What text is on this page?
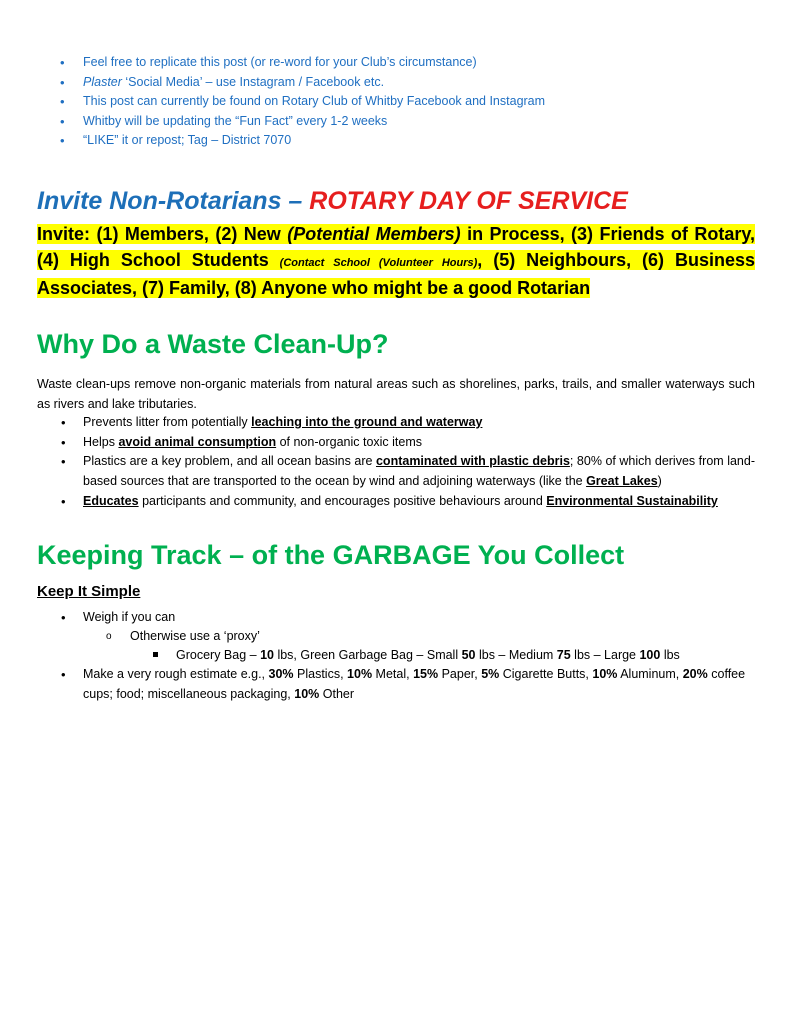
• Feel free to replicate this post (or re-word for your Club’s circumstance)
• Plaster ‘Social Media’ – use Instagram / Facebook etc.
• This post can currently be found on Rotary Club of Whitby Facebook and Instagram
• Whitby will be updating the “Fun Fact” every 1-2 weeks
• “LIKE” it or repost; Tag – District 7070
Invite Non-Rotarians – ROTARY DAY OF SERVICE

Invite: (1) Members, (2) New (Potential Members) in Process, (3) Friends of Rotary, (4) High School Students (Contact School (Volunteer Hours), (5) Neighbours, (6) Business Associates, (7) Family, (8) Anyone who might be a good Rotarian

Why Do a Waste Clean-Up?

Waste clean-ups remove non-organic materials from natural areas such as shorelines, parks, trails, and smaller waterways such as rivers and lake tributaries.

• Prevents litter from potentially leaching into the ground and waterway
• Helps avoid animal consumption of non-organic toxic items
• Plastics are a key problem, and all ocean basins are contaminated with plastic debris; 80% of which derives from land-based sources that are transported to the ocean by wind and adjoining waterways (like the Great Lakes)
• Educates participants and community, and encourages positive behaviours around Environmental Sustainability
Keeping Track – of the GARBAGE You Collect
Keep It Simple
• Weigh if you can
o Otherwise use a ‘proxy’
Grocery Bag – 10 lbs, Green Garbage Bag – Small 50 lbs – Medium 75 lbs – Large 100 lbs
• Make a very rough estimate e.g., 30% Plastics, 10% Metal, 15% Paper, 5% Cigarette Butts, 10% Aluminum, 20% coffee cups; food; miscellaneous packaging, 10% Other
